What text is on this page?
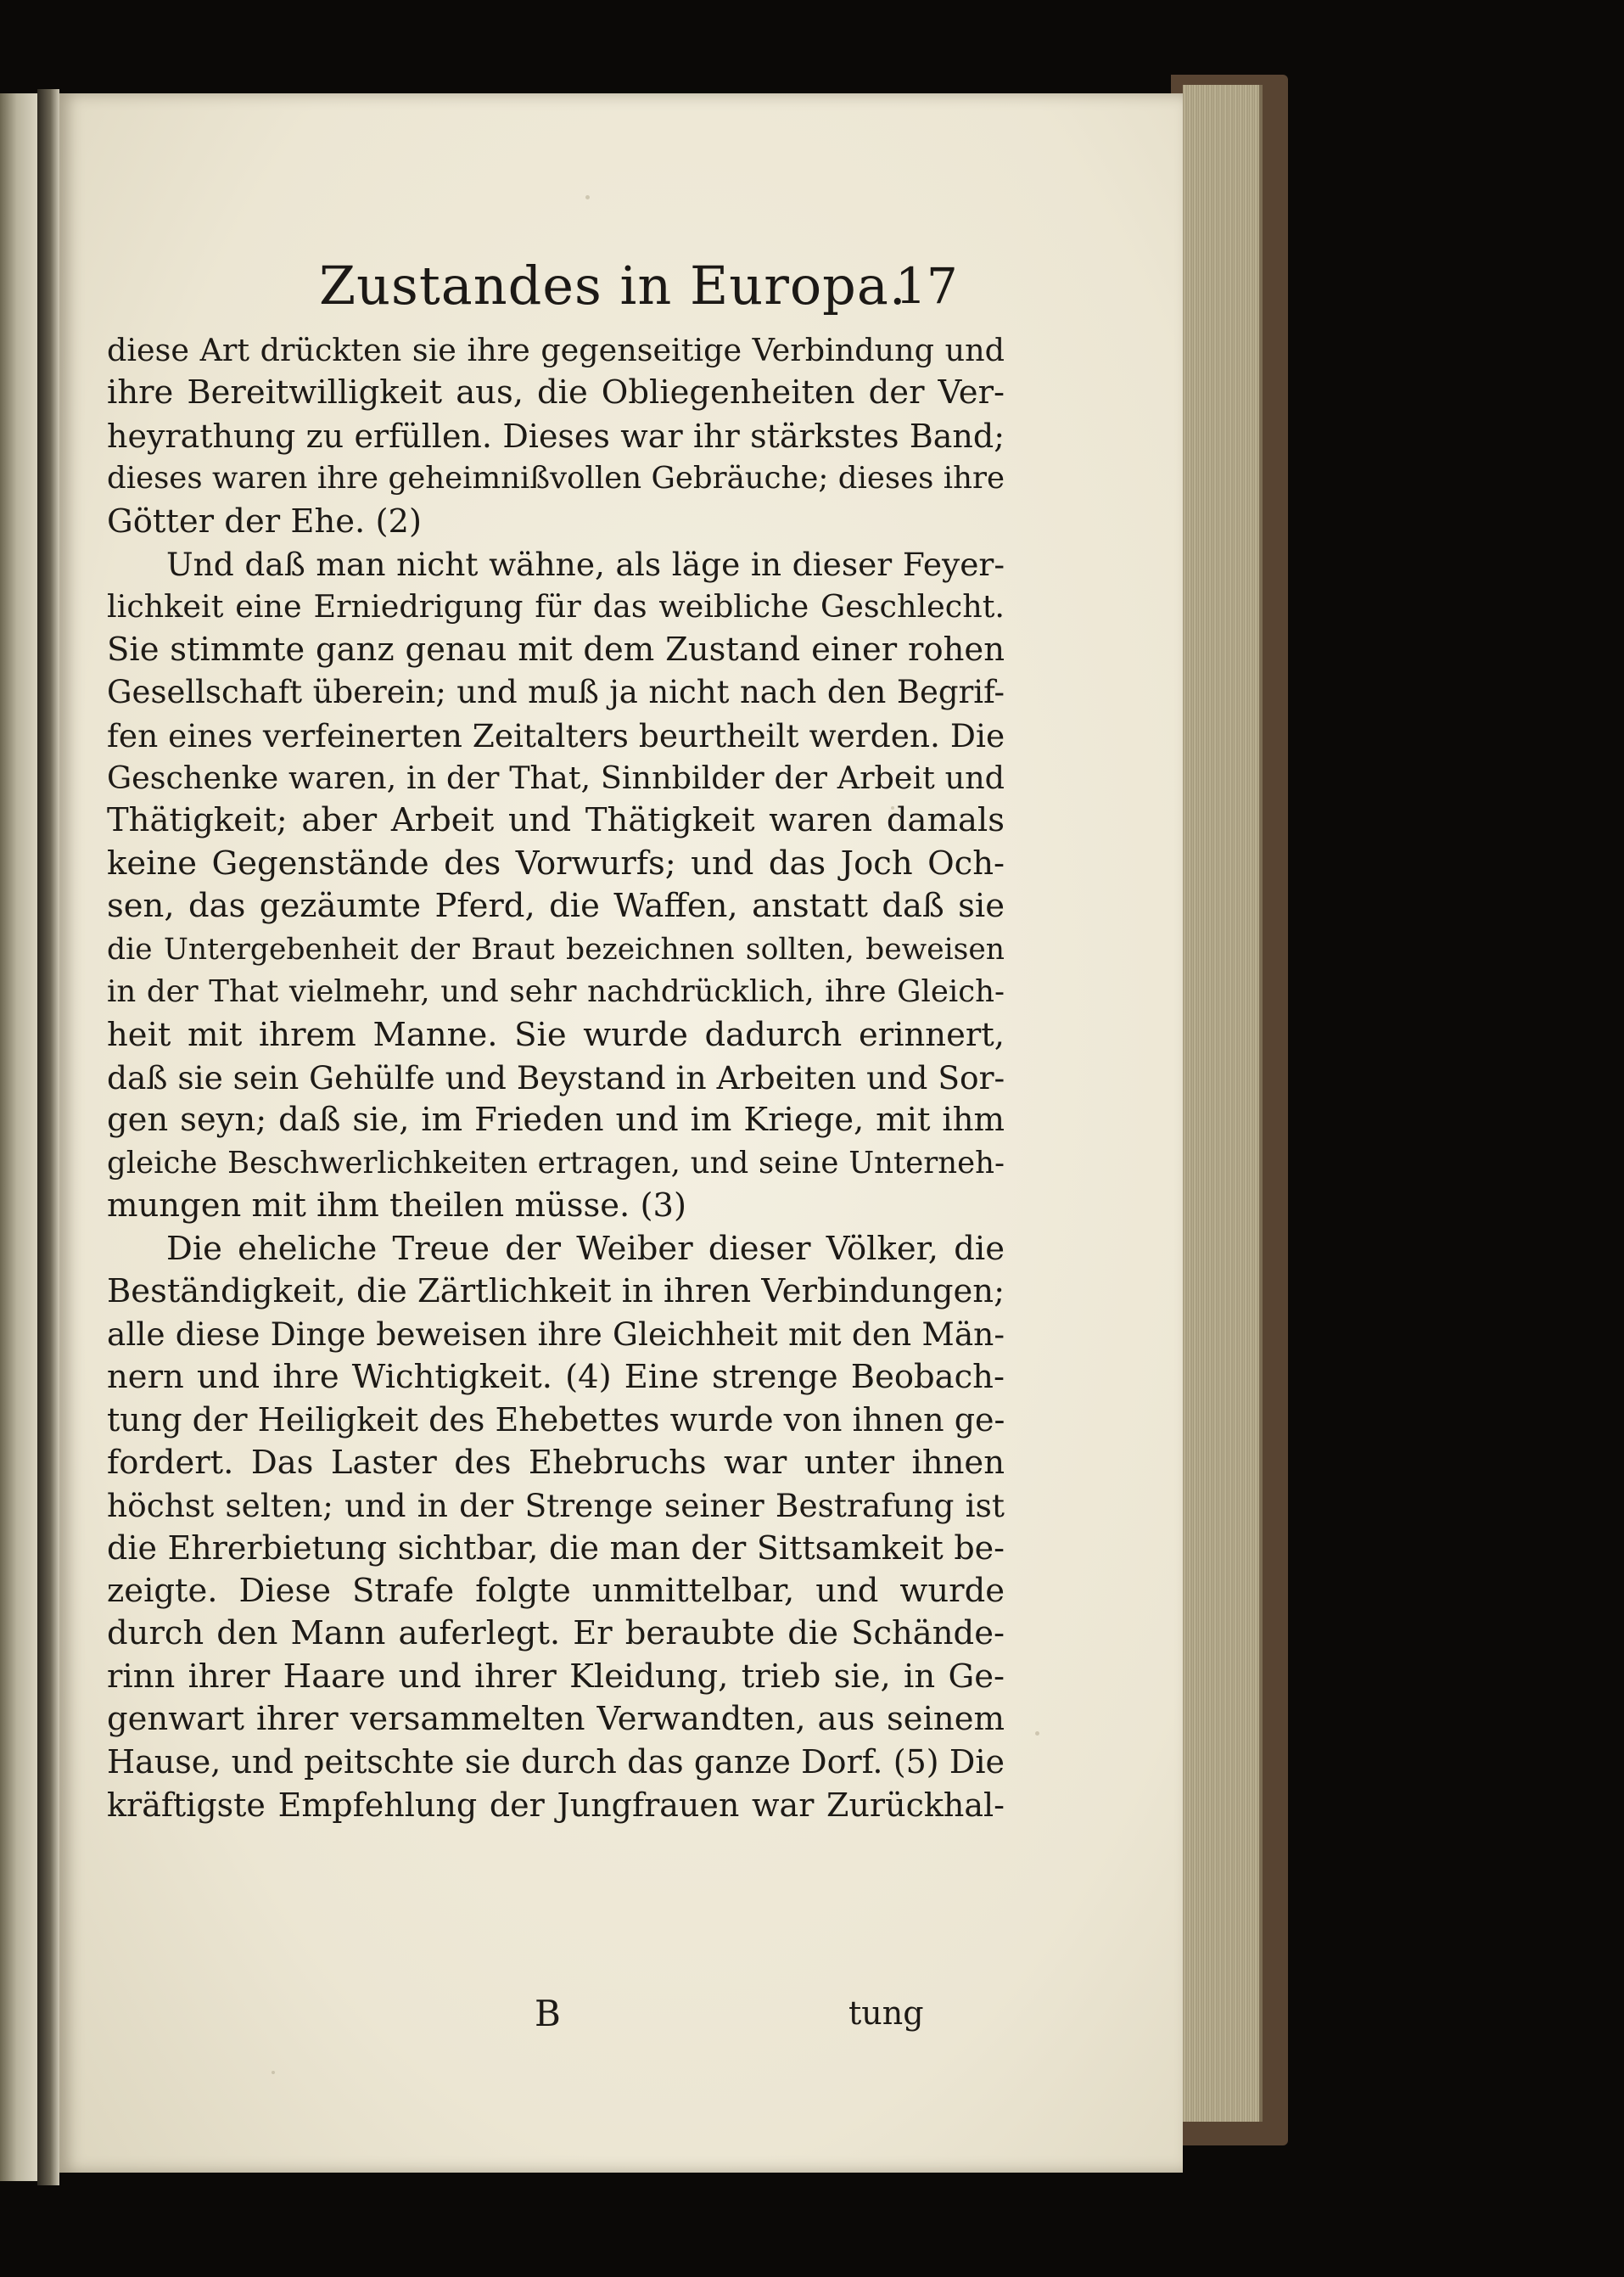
Zustandes in Europa.
17
diese Art drückten sie ihre gegenseitige Verbindung und
ihre Bereitwilligkeit aus, die Obliegenheiten der Ver-
heyrathung zu erfüllen. Dieses war ihr stärkstes Band;
dieses waren ihre geheimnißvollen Gebräuche; dieses ihre
Götter der Ehe. (2)
Und daß man nicht wähne, als läge in dieser Feyer-
lichkeit eine Erniedrigung für das weibliche Geschlecht.
Sie stimmte ganz genau mit dem Zustand einer rohen
Gesellschaft überein; und muß ja nicht nach den Begrif-
fen eines verfeinerten Zeitalters beurtheilt werden. Die
Geschenke waren, in der That, Sinnbilder der Arbeit und
Thätigkeit; aber Arbeit und Thätigkeit waren damals
keine Gegenstände des Vorwurfs; und das Joch Och-
sen, das gezäumte Pferd, die Waffen, anstatt daß sie
die Untergebenheit der Braut bezeichnen sollten, beweisen
in der That vielmehr, und sehr nachdrücklich, ihre Gleich-
heit mit ihrem Manne. Sie wurde dadurch erinnert,
daß sie sein Gehülfe und Beystand in Arbeiten und Sor-
gen seyn; daß sie, im Frieden und im Kriege, mit ihm
gleiche Beschwerlichkeiten ertragen, und seine Unterneh-
mungen mit ihm theilen müsse. (3)
Die eheliche Treue der Weiber dieser Völker, die
Beständigkeit, die Zärtlichkeit in ihren Verbindungen;
alle diese Dinge beweisen ihre Gleichheit mit den Män-
nern und ihre Wichtigkeit. (4) Eine strenge Beobach-
tung der Heiligkeit des Ehebettes wurde von ihnen ge-
fordert. Das Laster des Ehebruchs war unter ihnen
höchst selten; und in der Strenge seiner Bestrafung ist
die Ehrerbietung sichtbar, die man der Sittsamkeit be-
zeigte. Diese Strafe folgte unmittelbar, und wurde
durch den Mann auferlegt. Er beraubte die Schände-
rinn ihrer Haare und ihrer Kleidung, trieb sie, in Ge-
genwart ihrer versammelten Verwandten, aus seinem
Hause, und peitschte sie durch das ganze Dorf. (5) Die
kräftigste Empfehlung der Jungfrauen war Zurückhal-
B	tung
